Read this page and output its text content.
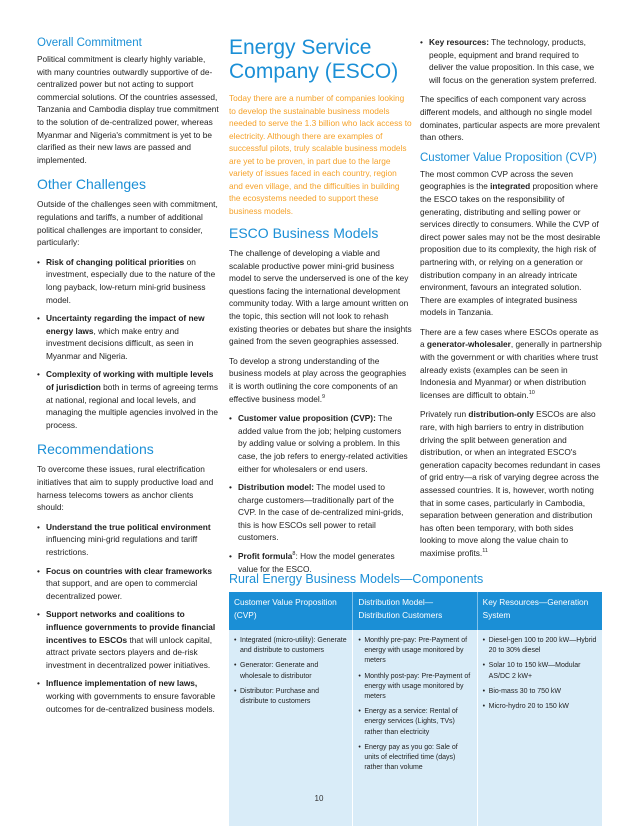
Overall Commitment

Political commitment is clearly highly variable, with many countries outwardly supportive of de-centralized power but not acting to support commercial solutions. Of the countries assessed, Tanzania and Cambodia display true commitment to the solution of de-centralized power, whereas Myanmar and Nigeria's commitment is yet to be clarified as their new laws are passed and implemented.

Other Challenges

Outside of the challenges seen with commitment, regulations and tariffs, a number of additional political challenges are important to consider, particularly:

• Risk of changing political priorities on investment, especially due to the nature of the long payback, low-return mini-grid business model.
• Uncertainty regarding the impact of new energy laws, which make entry and investment decisions difficult, as seen in Myanmar and Nigeria.
• Complexity of working with multiple levels of jurisdiction both in terms of agreeing terms at national, regional and local levels, and managing the multiple agencies involved in the process.
Recommendations

To overcome these issues, rural electrification initiatives that aim to supply productive load and harness telecoms towers as anchor clients should:

• Understand the true political environment influencing mini-grid regulations and tariff restrictions.
• Focus on countries with clear frameworks that support, and are open to commercial decentralized power.
• Support networks and coalitions to influence governments to provide financial incentives to ESCOs that will unlock capital, attract private sectors players and de-risk investment in decentralized power initiatives.
• Influence implementation of new laws, working with governments to ensure favorable outcomes for de-centralized business models.
Energy Service Company (ESCO)

Today there are a number of companies looking to develop the sustainable business models needed to serve the 1.3 billion who lack access to electricity. Although there are examples of successful pilots, truly scalable business models are yet to be proven, in part due to the large variety of issues faced in each country, region and even village, and the difficulties in building the ecosystems needed to support these business models.

ESCO Business Models

The challenge of developing a viable and scalable productive power mini-grid business model to serve the underserved is one of the key questions facing the international development community today. With a large amount written on the topic, this section will not look to rehash existing theories or debates but share the insights gained from the seven geographies assessed.

To develop a strong understanding of the business models at play across the geographies it is worth outlining the core components of an effective business model.$^9$

• Customer value proposition (CVP): The added value from the job; helping customers by adding value or solving a problem. In this case, the job refers to energy-related activities either for wholesalers or end users.
• Distribution model: The model used to charge customers—traditionally part of the CVP. In the case of de-centralized mini-grids, this is how ESCOs sell power to retail customers.
• Profit formula$^8$: How the model generates value for the ESCO.
• Key resources: The technology, products, people, equipment and brand required to deliver the value proposition. In this case, we will focus on the generation system preferred.

The specifics of each component vary across different models, and although no single model dominates, particular aspects are more prevalent than others.

Customer Value Proposition (CVP)

The most common CVP across the seven geographies is the integrated proposition where the ESCO takes on the responsibility of generating, distributing and selling power or services directly to consumers. While the CVP of direct power sales may not be the most desirable proposition due to its complexity, the high risk of partnering with, or relying on a generation or distribution company in an already intricate environment, favours an integrated solution. There are examples of integrated business models in Tanzania.

There are a few cases where ESCOs operate as a generator-wholesaler, generally in partnership with the government or with charities where trust already exists (examples can be seen in Indonesia and Myanmar) or when distribution licenses are difficult to obtain.$^{10}$

Privately run distribution-only ESCOs are also rare, with high barriers to entry in distribution driving the split between generation and distribution, or when an integrated ESCO's generation capacity becomes redundant in cases of grid entry—a risk of varying degree across the assessed countries. It is, however, worth noting that in some cases, particularly in Cambodia, separation between generation and distribution has often been temporary, with both sides looking to move along the value chain to maximise profits.$^{11}$

Rural Energy Business Models—Components
Customer Value Proposition (CVP)
• Integrated (micro-utility): Generate and distribute to customers
• Generator: Generate and wholesale to distributor
• Distributor: Purchase and distribute to customers
Distribution Model—Distribution Customers
• Monthly pre-pay: Pre-Payment of energy with usage monitored by meters
• Monthly post-pay: Pre-Payment of energy with usage monitored by meters
• Energy as a service: Rental of energy services (Lights, TVs) rather than electricity
• Energy pay as you go: Sale of units of electrified time (days) rather than volume
Key Resources—Generation System
• Diesel-gen 100 to 200 kW—Hybrid 20 to 30% diesel
• Solar 10 to 150 kW—Modular AS/DC 2 kW+
• Bio-mass 30 to 750 kW
• Micro-hydro 20 to 150 kW
10
